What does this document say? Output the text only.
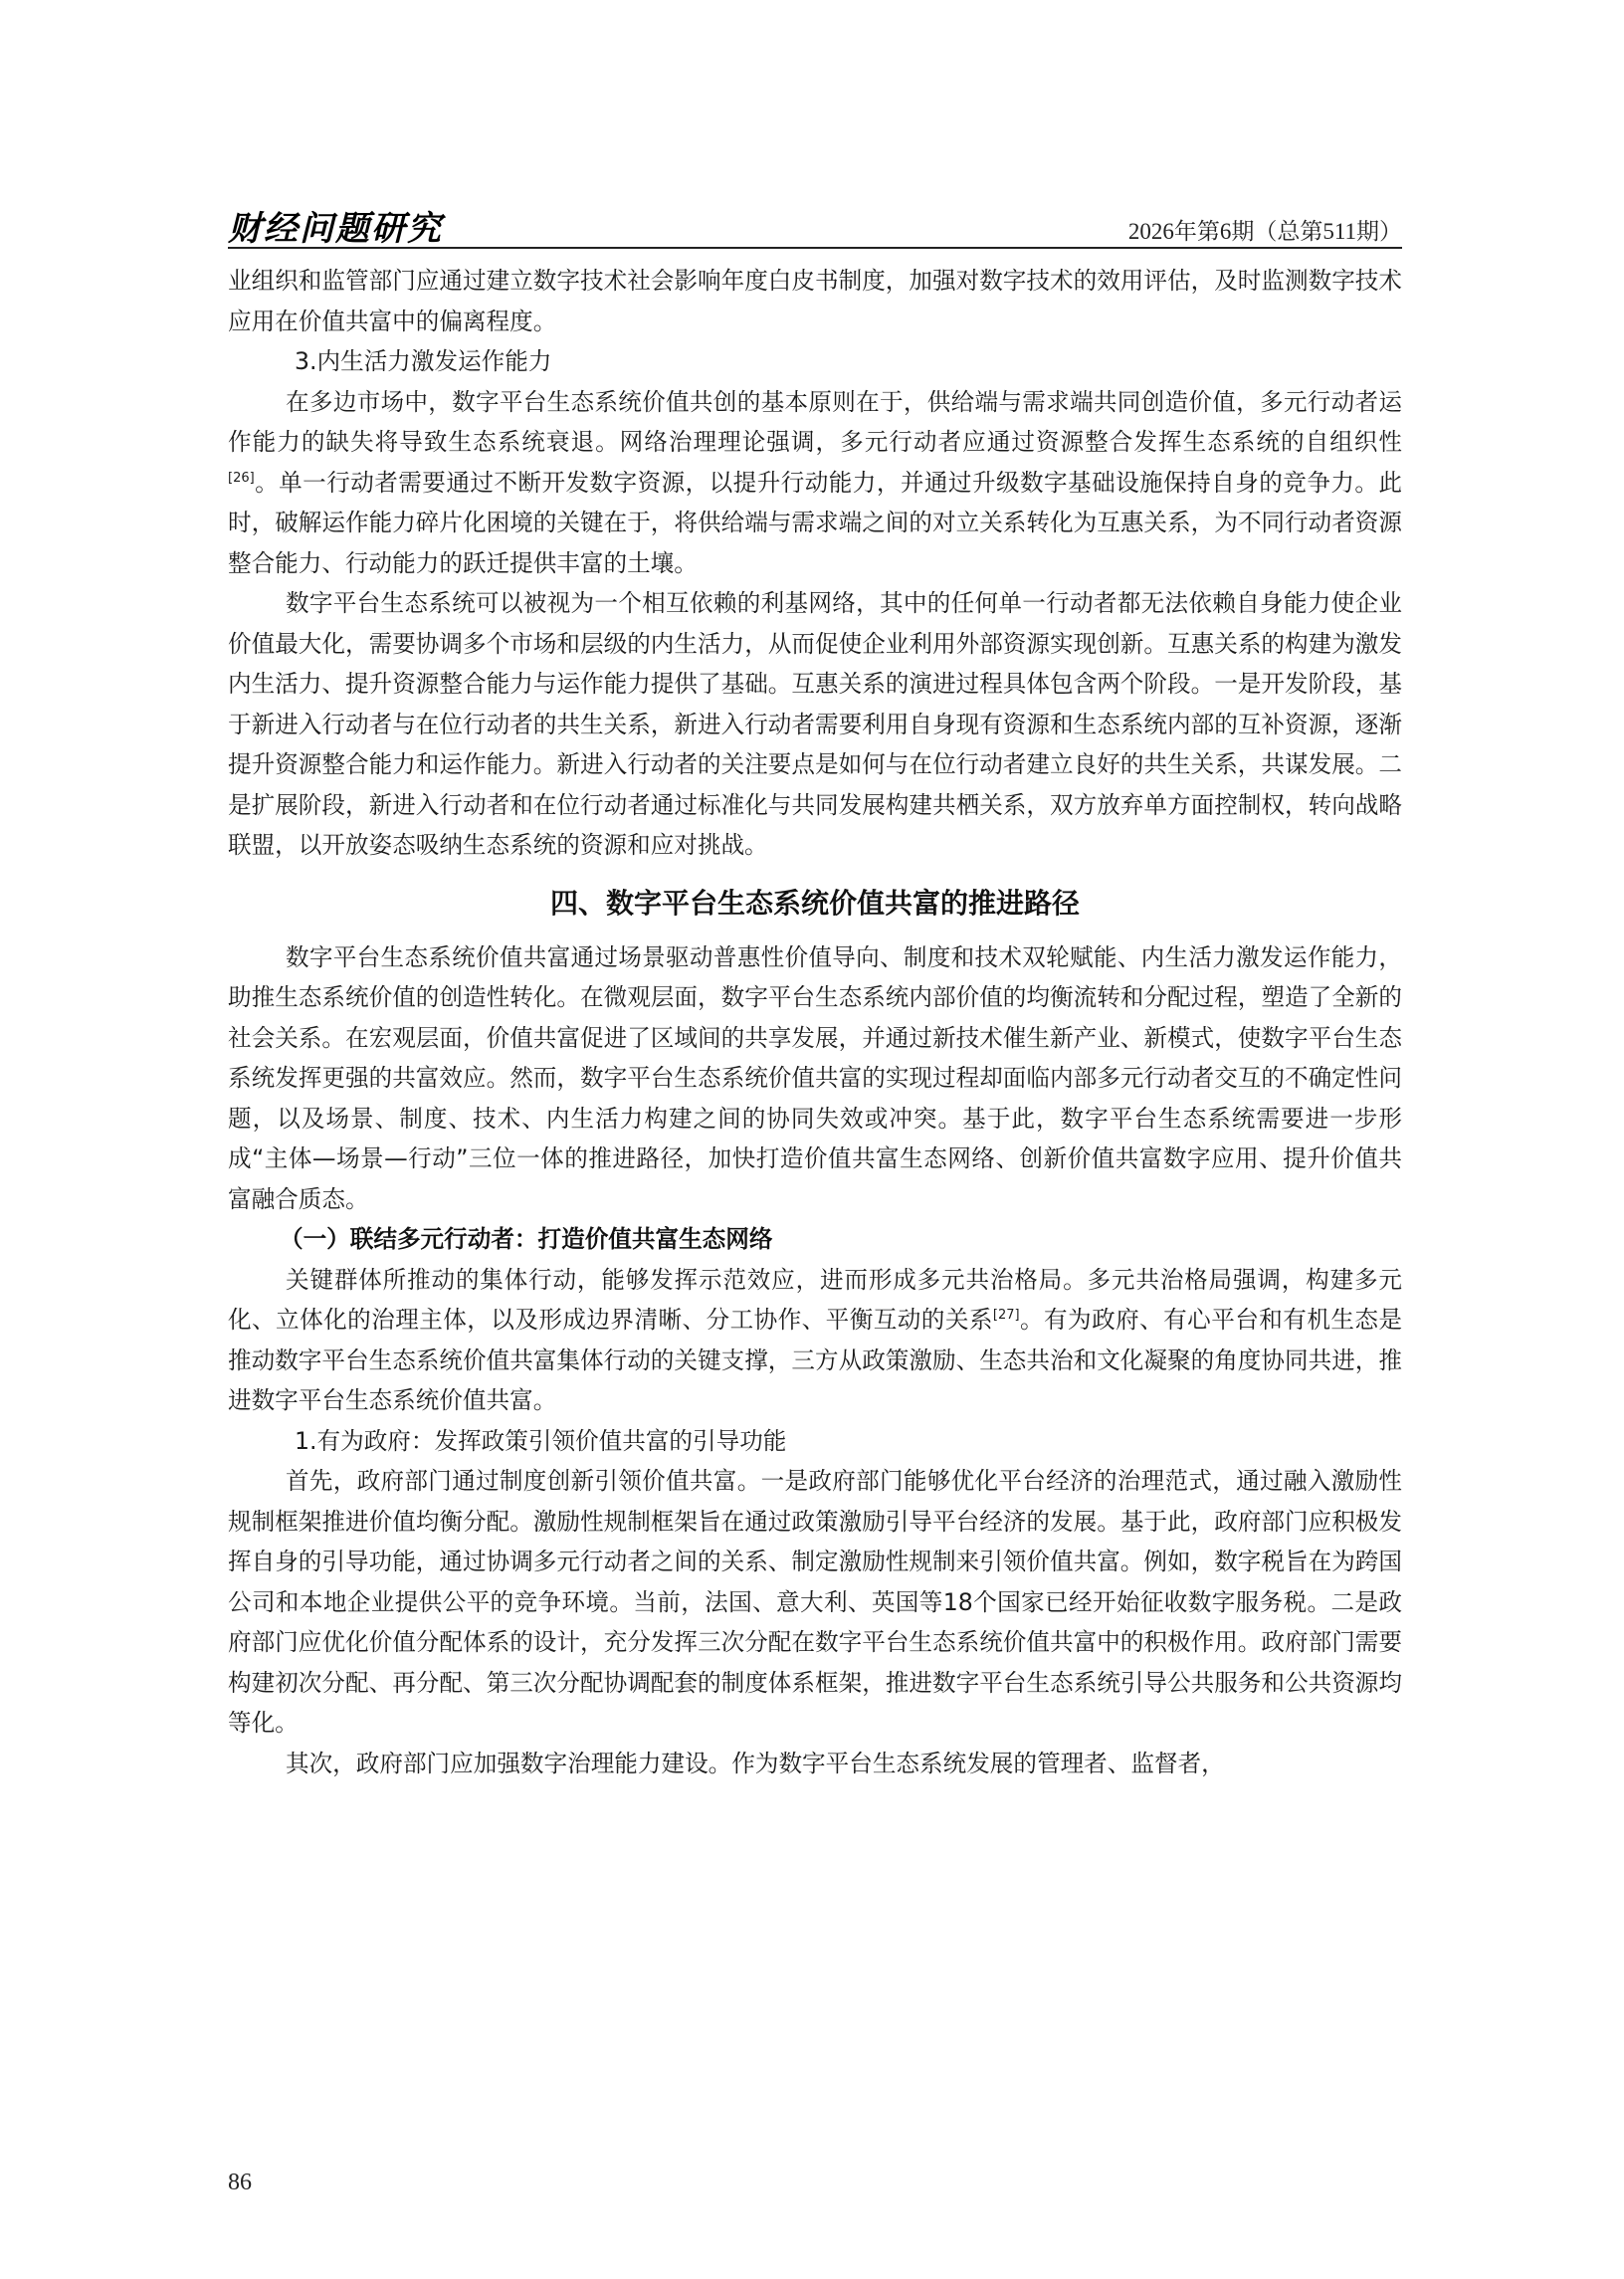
财经问题研究	2026年第6期（总第511期）

业组织和监管部门应通过建立数字技术社会影响年度白皮书制度，加强对数字技术的效用评估，及时监测数字技术应用在价值共富中的偏离程度。

3.内生活力激发运作能力

在多边市场中，数字平台生态系统价值共创的基本原则在于，供给端与需求端共同创造价值，多元行动者运作能力的缺失将导致生态系统衰退。网络治理理论强调，多元行动者应通过资源整合发挥生态系统的自组织性[26]。单一行动者需要通过不断开发数字资源，以提升行动能力，并通过升级数字基础设施保持自身的竞争力。此时，破解运作能力碎片化困境的关键在于，将供给端与需求端之间的对立关系转化为互惠关系，为不同行动者资源整合能力、行动能力的跃迁提供丰富的土壤。

数字平台生态系统可以被视为一个相互依赖的利基网络，其中的任何单一行动者都无法依赖自身能力使企业价值最大化，需要协调多个市场和层级的内生活力，从而促使企业利用外部资源实现创新。互惠关系的构建为激发内生活力、提升资源整合能力与运作能力提供了基础。互惠关系的演进过程具体包含两个阶段。一是开发阶段，基于新进入行动者与在位行动者的共生关系，新进入行动者需要利用自身现有资源和生态系统内部的互补资源，逐渐提升资源整合能力和运作能力。新进入行动者的关注要点是如何与在位行动者建立良好的共生关系，共谋发展。二是扩展阶段，新进入行动者和在位行动者通过标准化与共同发展构建共栖关系，双方放弃单方面控制权，转向战略联盟，以开放姿态吸纳生态系统的资源和应对挑战。

四、数字平台生态系统价值共富的推进路径

数字平台生态系统价值共富通过场景驱动普惠性价值导向、制度和技术双轮赋能、内生活力激发运作能力，助推生态系统价值的创造性转化。在微观层面，数字平台生态系统内部价值的均衡流转和分配过程，塑造了全新的社会关系。在宏观层面，价值共富促进了区域间的共享发展，并通过新技术催生新产业、新模式，使数字平台生态系统发挥更强的共富效应。然而，数字平台生态系统价值共富的实现过程却面临内部多元行动者交互的不确定性问题，以及场景、制度、技术、内生活力构建之间的协同失效或冲突。基于此，数字平台生态系统需要进一步形成“主体—场景—行动”三位一体的推进路径，加快打造价值共富生态网络、创新价值共富数字应用、提升价值共富融合质态。

（一）联结多元行动者：打造价值共富生态网络

关键群体所推动的集体行动，能够发挥示范效应，进而形成多元共治格局。多元共治格局强调，构建多元化、立体化的治理主体，以及形成边界清晰、分工协作、平衡互动的关系[27]。有为政府、有心平台和有机生态是推动数字平台生态系统价值共富集体行动的关键支撑，三方从政策激励、生态共治和文化凝聚的角度协同共进，推进数字平台生态系统价值共富。

1.有为政府：发挥政策引领价值共富的引导功能

首先，政府部门通过制度创新引领价值共富。一是政府部门能够优化平台经济的治理范式，通过融入激励性规制框架推进价值均衡分配。激励性规制框架旨在通过政策激励引导平台经济的发展。基于此，政府部门应积极发挥自身的引导功能，通过协调多元行动者之间的关系、制定激励性规制来引领价值共富。例如，数字税旨在为跨国公司和本地企业提供公平的竞争环境。当前，法国、意大利、英国等18个国家已经开始征收数字服务税。二是政府部门应优化价值分配体系的设计，充分发挥三次分配在数字平台生态系统价值共富中的积极作用。政府部门需要构建初次分配、再分配、第三次分配协调配套的制度体系框架，推进数字平台生态系统引导公共服务和公共资源均等化。

其次，政府部门应加强数字治理能力建设。作为数字平台生态系统发展的管理者、监督者，

86
